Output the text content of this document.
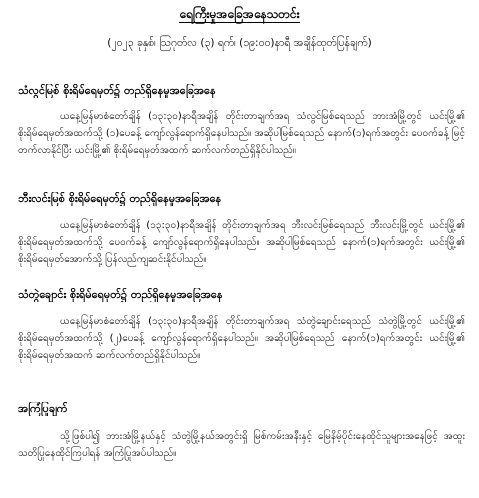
ရေကြီးမှုအခြေအနေသတင်း
(၂၀၂၃ ခုနှစ်၊ ဩဂုတ်လ (၃) ရက်၊ (၁၉:၀၀)နာရီ အချိန်ထုတ်ပြန်ချက်)
သံလွင်မြစ် စိုးရိမ်ရေမှတ်၌ တည်ရှိနေမှုအခြေအနေ
ယနေ့မြန်မာစံတော်ချိန် (၁၃:၃၀)နာရီအချိန် တိုင်းတာချက်အရ သံလွင်မြစ်ရေသည် ဘားအံမြို့တွင် ယင်းမြို့၏ စိုးရိမ်ရေမှတ်အထက်သို့ (၁)ပေခန့် ကျော်လွန်ရောက်ရှိနေပါသည်။ အဆိုပါမြစ်ရေသည် နောက်(၁)ရက်အတွင်း ပေဝက်ခန့် မြင့်တက်လာနိုင်ပြီး ယင်းမြို့၏ စိုးရိမ်ရေမှတ်အထက် ဆက်လက်တည်ရှိနိုင်ပါသည်။
ဘီးလင်းမြစ် စိုးရိမ်ရေမှတ်၌ တည်ရှိနေမှုအခြေအနေ
ယနေ့မြန်မာစံတော်ချိန် (၁၃:၃၀)နာရီအချိန် တိုင်းတာချက်အရ ဘီးလင်းမြစ်ရေသည် ဘီးလင်းမြို့တွင် ယင်းမြို့၏ စိုးရိမ်ရေမှတ်အထက်သို့ ပေဝက်ခန့် ကျော်လွန်ရောက်ရှိနေပါသည်။ အဆိုပါမြစ်ရေသည် နောက်(၁)ရက်အတွင်း ယင်းမြို့၏ စိုးရိမ်ရေမှတ်အောက်သို့ ပြန်လည်ကျဆင်းနိုင်ပါသည်။
သံတွဲချောင်း စိုးရိမ်ရေမှတ်၌ တည်ရှိနေမှုအခြေအနေ
ယနေ့မြန်မာစံတော်ချိန် (၁၃:၃၀)နာရီအချိန် တိုင်းတာချက်အရ သံတွဲချောင်းရေသည် သံတွဲမြို့တွင် ယင်းမြို့၏ စိုးရိမ်ရေမှတ်အထက်သို့ (၂)ပေခန့် ကျော်လွန်ရောက်ရှိနေပါသည်။ အဆိုပါမြစ်ရေသည် နောက်(၁)ရက်အတွင်း ယင်းမြို့၏ စိုးရိမ်ရေမှတ်အထက် ဆက်လက်တည်ရှိနိုင်ပါသည်။
အကြံပြုချက်
သို့ဖြစ်ပါ၍ ဘားအံမြို့နယ်နှင့် သံတွဲမြို့နယ်အတွင်းရှိ မြစ်ကမ်းအနီးနှင့် မြေနိမ့်ပိုင်းနေထိုင်သူများအနေဖြင့် အထူးသတိပြုနေထိုင်ကြပါရန် အကြံပြုအပ်ပါသည်။
